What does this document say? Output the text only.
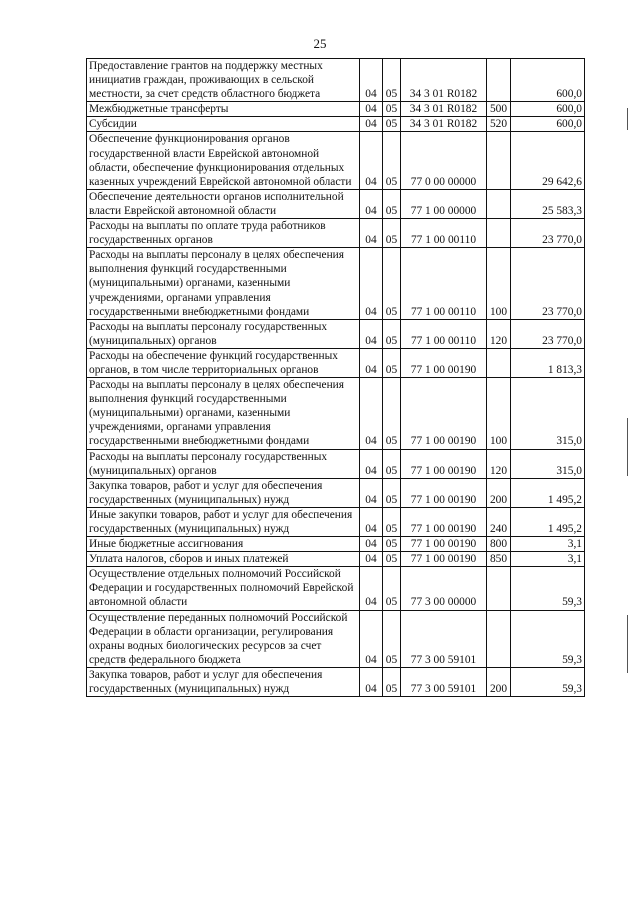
25
Предоставление грантов на поддержку местных инициатив граждан, проживающих в сельской местности, за счет средств областного бюджета	04	05	34 3 01 R0182		600,0
Межбюджетные трансферты	04	05	34 3 01 R0182	500	600,0
Субсидии	04	05	34 3 01 R0182	520	600,0
Обеспечение функционирования органов государственной власти Еврейской автономной области, обеспечение функционирования отдельных казенных учреждений Еврейской автономной области	04	05	77 0 00 00000		29 642,6
Обеспечение деятельности органов исполнительной власти Еврейской автономной области	04	05	77 1 00 00000		25 583,3
Расходы на выплаты по оплате труда работников государственных органов	04	05	77 1 00 00110		23 770,0
Расходы на выплаты персоналу в целях обеспечения выполнения функций государственными (муниципальными) органами, казенными учреждениями, органами управления государственными внебюджетными фондами	04	05	77 1 00 00110	100	23 770,0
Расходы на выплаты персоналу государственных (муниципальных) органов	04	05	77 1 00 00110	120	23 770,0
Расходы на обеспечение функций государственных органов, в том числе территориальных органов	04	05	77 1 00 00190		1 813,3
Расходы на выплаты персоналу в целях обеспечения выполнения функций государственными (муниципальными) органами, казенными учреждениями, органами управления государственными внебюджетными фондами	04	05	77 1 00 00190	100	315,0
Расходы на выплаты персоналу государственных (муниципальных) органов	04	05	77 1 00 00190	120	315,0
Закупка товаров, работ и услуг для обеспечения государственных (муниципальных) нужд	04	05	77 1 00 00190	200	1 495,2
Иные закупки товаров, работ и услуг для обеспечения государственных (муниципальных) нужд	04	05	77 1 00 00190	240	1 495,2
Иные бюджетные ассигнования	04	05	77 1 00 00190	800	3,1
Уплата налогов, сборов и иных платежей	04	05	77 1 00 00190	850	3,1
Осуществление отдельных полномочий Российской Федерации и государственных полномочий Еврейской автономной области	04	05	77 3 00 00000		59,3
Осуществление переданных полномочий Российской Федерации в области организации, регулирования охраны водных биологических ресурсов за счет средств федерального бюджета	04	05	77 3 00 59101		59,3
Закупка товаров, работ и услуг для обеспечения государственных (муниципальных) нужд	04	05	77 3 00 59101	200	59,3
